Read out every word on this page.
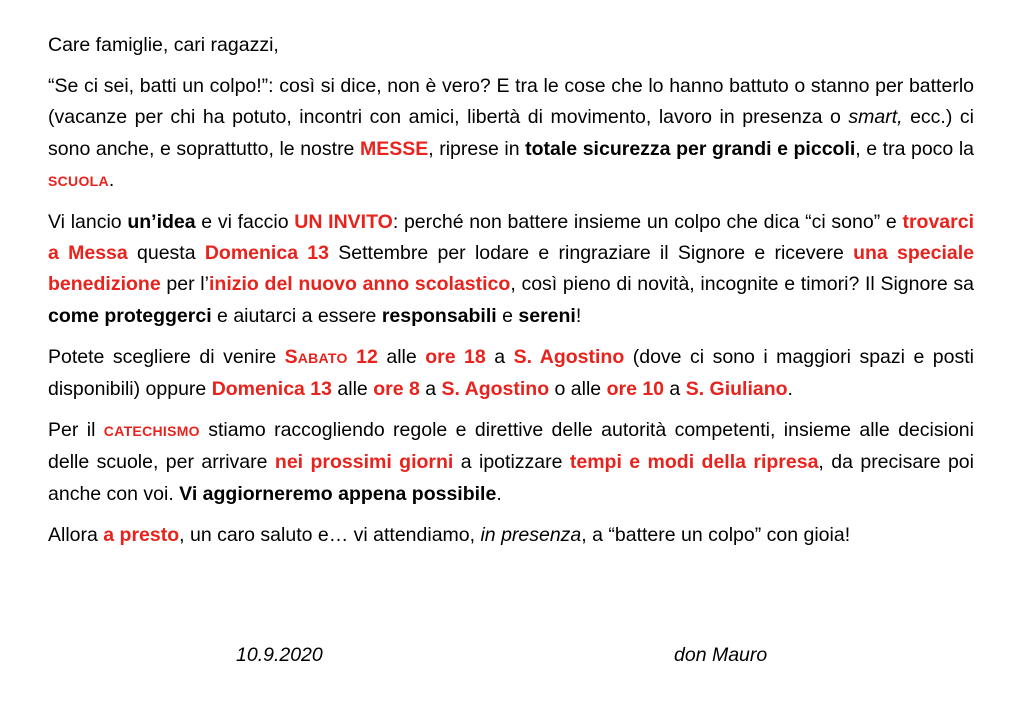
Care famiglie, cari ragazzi,

“Se ci sei, batti un colpo!”: così si dice, non è vero? E tra le cose che lo hanno battuto o stanno per batterlo (vacanze per chi ha potuto, incontri con amici, libertà di movimento, lavoro in presenza o smart, ecc.) ci sono anche, e soprattutto, le nostre MESSE, riprese in totale sicurezza per grandi e piccoli, e tra poco la SCUOLA.

Vi lancio un’idea e vi faccio UN INVITO: perché non battere insieme un colpo che dica “ci sono” e trovarci a Messa questa Domenica 13 Settembre per lodare e ringraziare il Signore e ricevere una speciale benedizione per l’inizio del nuovo anno scolastico, così pieno di novità, incognite e timori? Il Signore sa come proteggerci e aiutarci a essere responsabili e sereni!

Potete scegliere di venire SABATO 12 alle ore 18 a S. Agostino (dove ci sono i maggiori spazi e posti disponibili) oppure Domenica 13 alle ore 8 a S. Agostino o alle ore 10 a S. Giuliano.

Per il CATECHISMO stiamo raccogliendo regole e direttive delle autorità competenti, insieme alle decisioni delle scuole, per arrivare nei prossimi giorni a ipotizzare tempi e modi della ripresa, da precisare poi anche con voi. Vi aggiorneremo appena possibile.

Allora a presto, un caro saluto e… vi attendiamo, in presenza, a “battere un colpo” con gioia!

10.9.2020	don Mauro
